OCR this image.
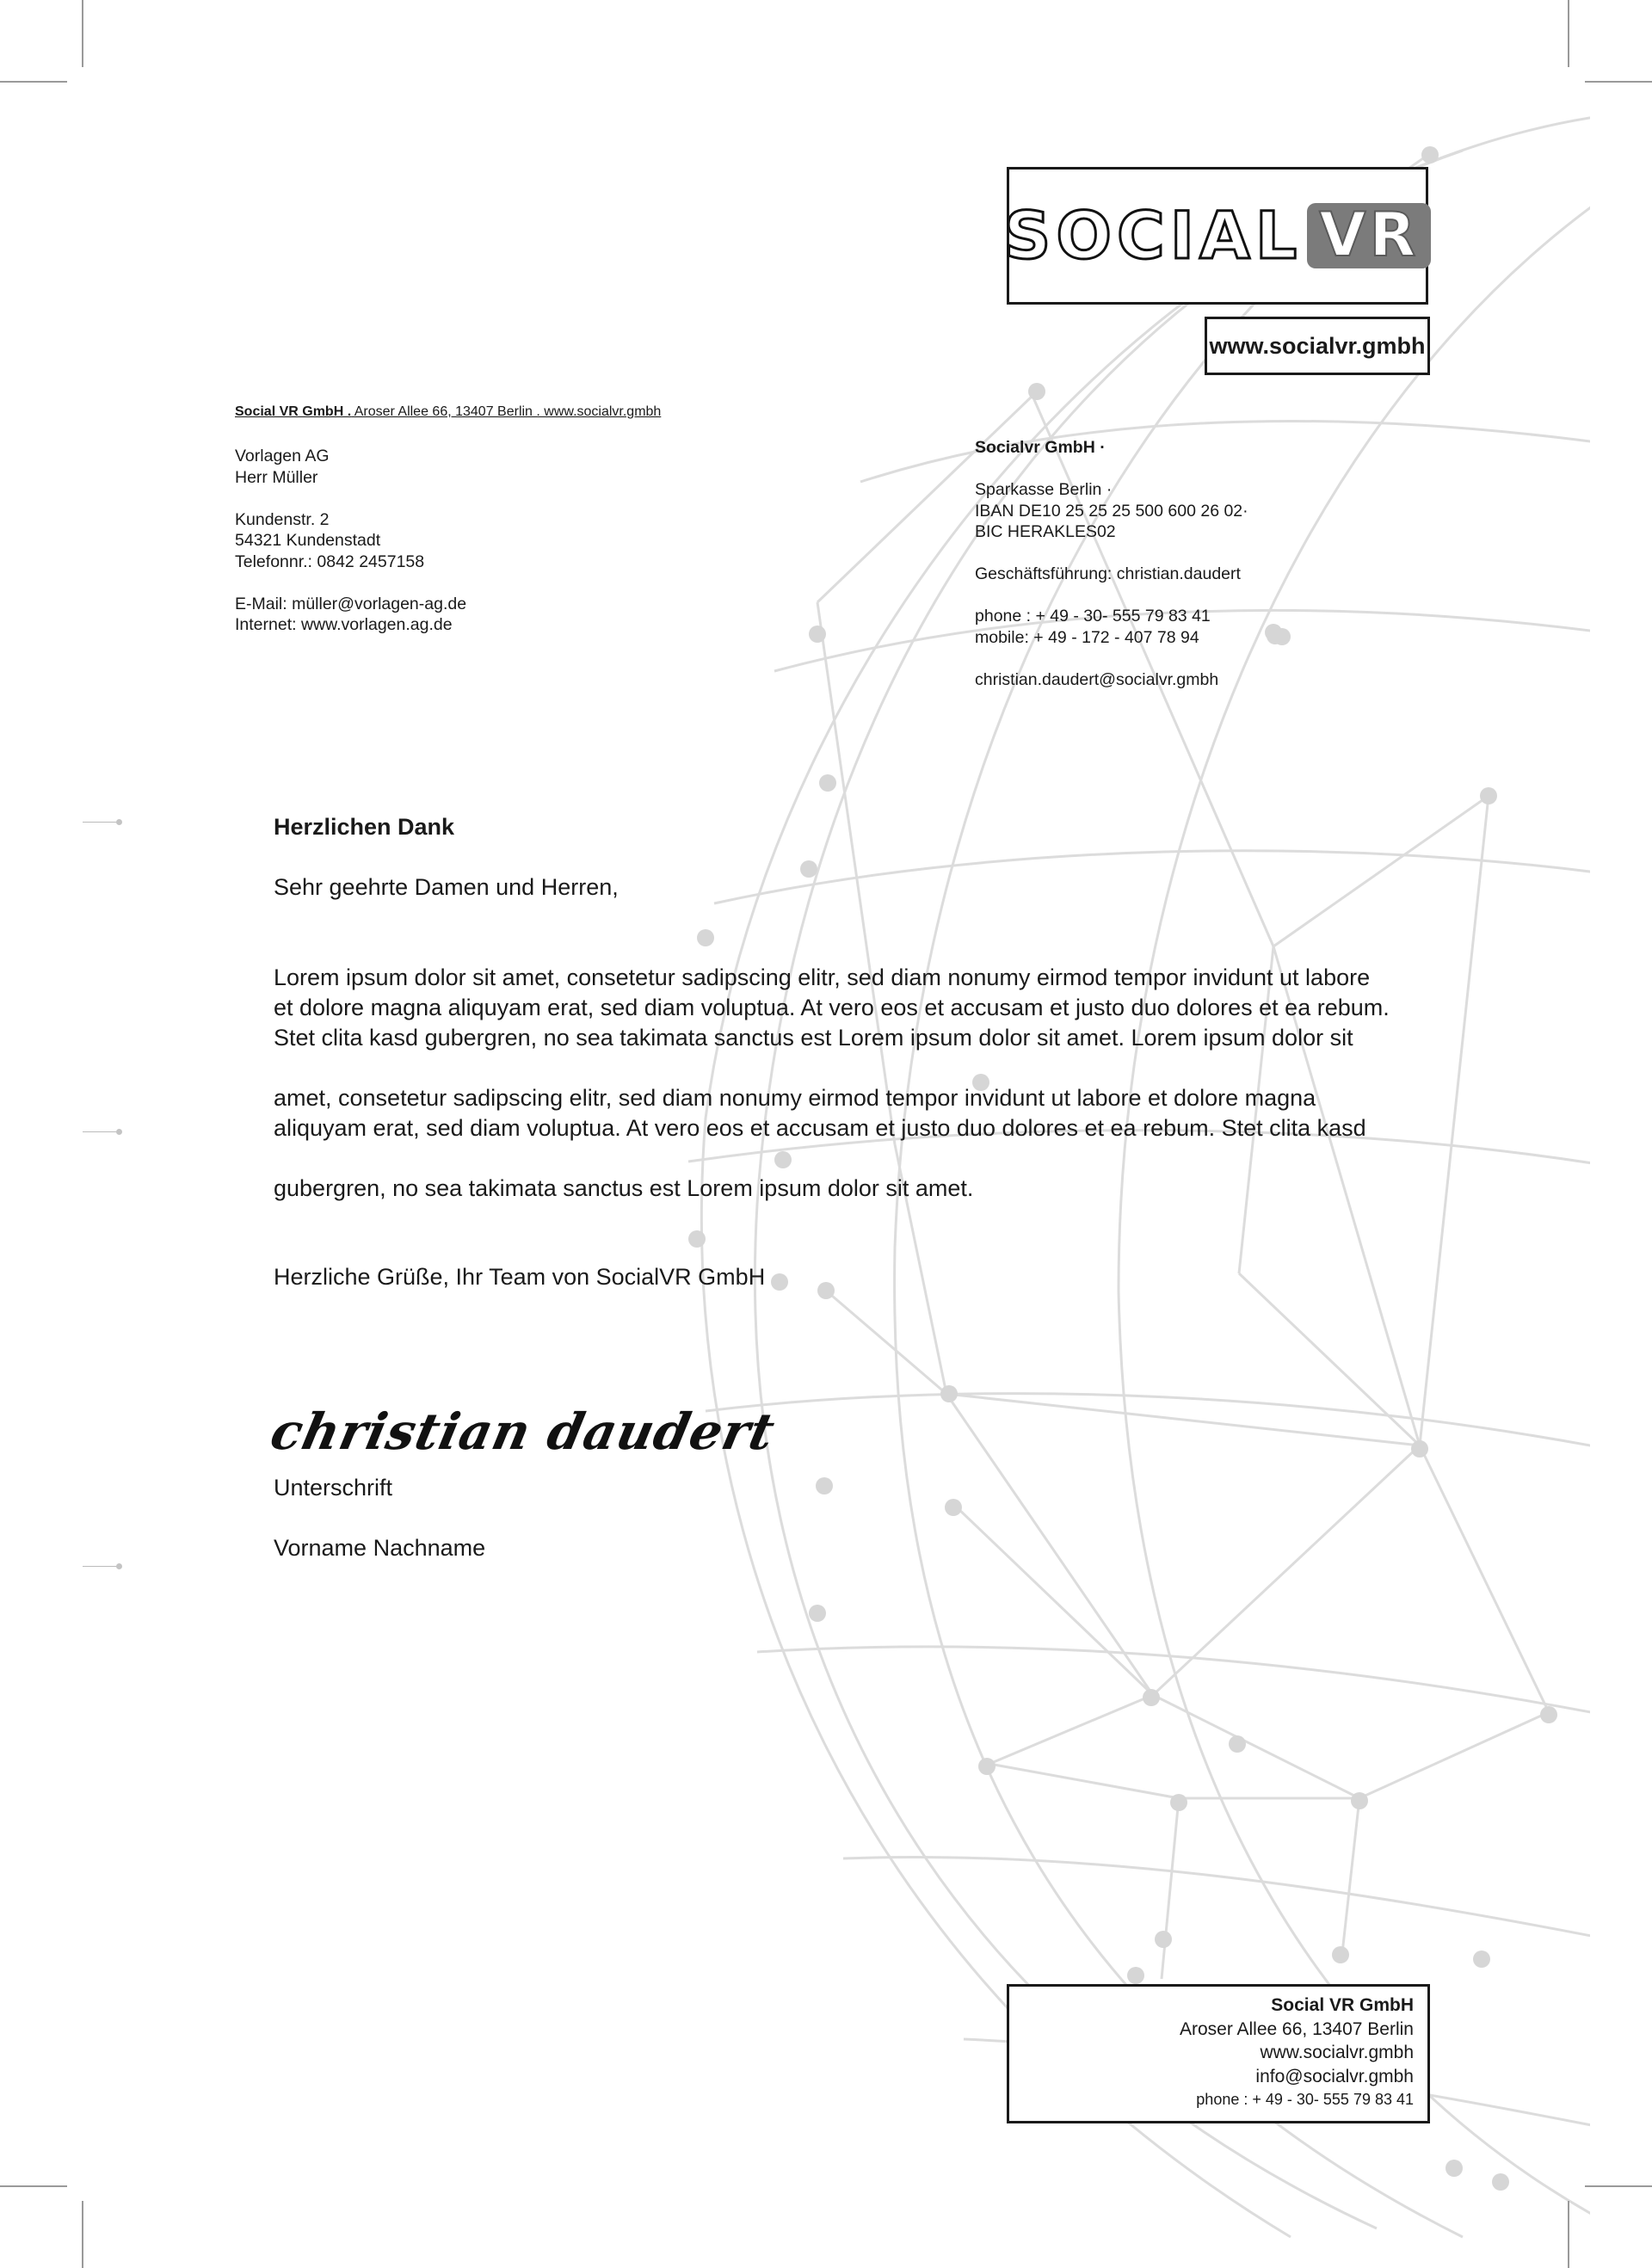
SOCIAL VR
www.socialvr.gmbh
Social VR GmbH . Aroser Allee 66, 13407 Berlin . www.socialvr.gmbh
Vorlagen AG
Herr Müller
Kundenstr. 2
54321 Kundenstadt
Telefonnr.: 0842 2457158
E-Mail: müller@vorlagen-ag.de
Internet: www.vorlagen.ag.de
Socialvr GmbH ·
Sparkasse Berlin ·
IBAN DE10 25 25 25 500 600 26 02·
BIC HERAKLES02
Geschäftsführung: christian.daudert
phone : + 49 - 30- 555 79 83 41
mobile: + 49 - 172 - 407 78 94
christian.daudert@socialvr.gmbh
Herzlichen Dank
Sehr geehrte Damen und Herren,
Lorem ipsum dolor sit amet, consetetur sadipscing elitr, sed diam nonumy eirmod tempor invidunt ut labore
et dolore magna aliquyam erat, sed diam voluptua. At vero eos et accusam et justo duo dolores et ea rebum.
Stet clita kasd gubergren, no sea takimata sanctus est Lorem ipsum dolor sit amet. Lorem ipsum dolor sit
amet, consetetur sadipscing elitr, sed diam nonumy eirmod tempor invidunt ut labore et dolore magna
aliquyam erat, sed diam voluptua. At vero eos et accusam et justo duo dolores et ea rebum. Stet clita kasd
gubergren, no sea takimata sanctus est Lorem ipsum dolor sit amet.
Herzliche Grüße, Ihr Team von SocialVR GmbH
christian daudert
Unterschrift
Vorname Nachname
Social VR GmbH
Aroser Allee 66, 13407 Berlin
www.socialvr.gmbh
info@socialvr.gmbh
phone : + 49 - 30- 555 79 83 41
